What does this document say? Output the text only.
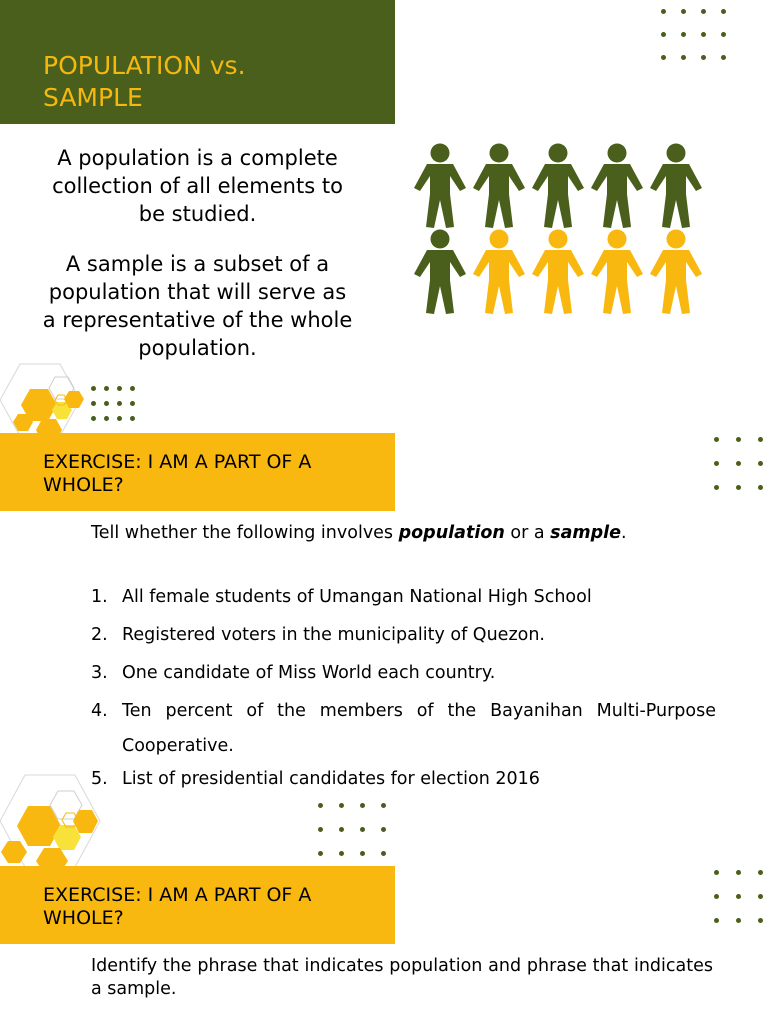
POPULATION vs.
SAMPLE
A population is a complete collection of all elements to be studied.
A sample is a subset of a population that will serve as a representative of the whole population.
EXERCISE: I AM A PART OF A
WHOLE?
Tell whether the following involves population or a sample.
1. All female students of Umangan National High School
2. Registered voters in the municipality of Quezon.
3. One candidate of Miss World each country.
4. Ten percent of the members of the Bayanihan Multi-Purpose Cooperative.
5. List of presidential candidates for election 2016
EXERCISE: I AM A PART OF A
WHOLE?
Identify the phrase that indicates population and phrase that indicates a sample.
